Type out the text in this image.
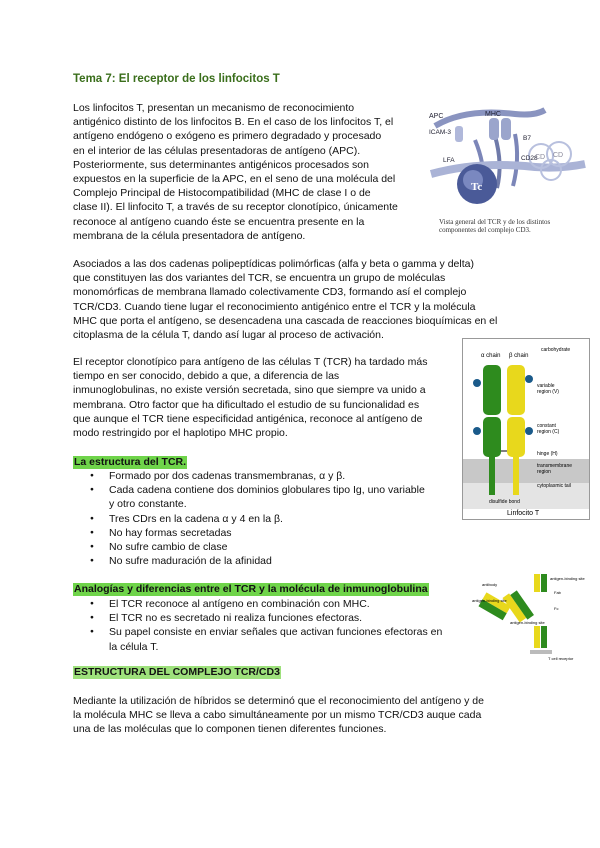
Tema 7: El receptor de los linfocitos T
Los linfocitos T, presentan un mecanismo de reconocimiento
antigénico distinto de los linfocitos B. En el caso de los linfocitos T, el
antígeno endógeno o exógeno es primero degradado y procesado
en el interior de las células presentadoras de antígeno (APC).
Posteriormente, sus determinantes antigénicos procesados son
expuestos en la superficie de la APC, en el seno de una molécula del
Complejo Principal de Histocompatibilidad (MHC de clase I o de
clase II). El linfocito T, a través de su receptor clonotípico, únicamente
reconoce al antígeno cuando éste se encuentra presente en la
membrana de la célula presentadora de antígeno.
APC	MHC
ICAM-3
B7
LFA	CD28
Tc
CD CD
Vista general del TCR y de los distintos
componentes del complejo CD3.
Asociados a las dos cadenas polipeptídicas polimórficas (alfa y beta o gamma y delta)
que constituyen las dos variantes del TCR, se encuentra un grupo de moléculas
monomórficas de membrana llamado colectivamente CD3, formando así el complejo
TCR/CD3. Cuando tiene lugar el reconocimiento antigénico entre el TCR y la molécula
MHC que porta el antígeno, se desencadena una cascada de reacciones bioquímicas en el
citoplasma de la célula T, dando así lugar al proceso de activación.
El receptor clonotípico para antígeno de las células T (TCR) ha tardado más
tiempo en ser conocido, debido a que, a diferencia de las
inmunoglobulinas, no existe versión secretada, sino que siempre va unido a
membrana. Otro factor que ha dificultado el estudio de su funcionalidad es
que aunque el TCR tiene especificidad antigénica, reconoce al antígeno de
modo restringido por el haplotipo MHC propio.
α chain β chain
carbohydrate
variable
region (V)
constant
region (C)
hinge (H)
transmembrane
region
cytoplasmic tail
disulfide bond
Linfocito T
La estructura del TCR.
● Formado por dos cadenas transmembranas, α y β.
● Cada cadena contiene dos dominios globulares tipo Ig, uno variable
y otro constante.
● Tres CDrs en la cadena α y 4 en la β.
● No hay formas secretadas
● No sufre cambio de clase
● No sufre maduración de la afinidad
Analogías y diferencias entre el TCR y la molécula de inmunoglobulina
● El TCR reconoce al antígeno en combinación con MHC.
● El TCR no es secretado ni realiza funciones efectoras.
● Su papel consiste en enviar señales que activan funciones efectoras en
la célula T.
antibody
antigen-binding site
antigen-binding site
Fab
Fc
antigen-binding site
T cell receptor
ESTRUCTURA DEL COMPLEJO TCR/CD3
Mediante la utilización de híbridos se determinó que el reconocimiento del antígeno y de
la molécula MHC se lleva a cabo simultáneamente por un mismo TCR/CD3 auque cada
una de las moléculas que lo componen tienen diferentes funciones.
